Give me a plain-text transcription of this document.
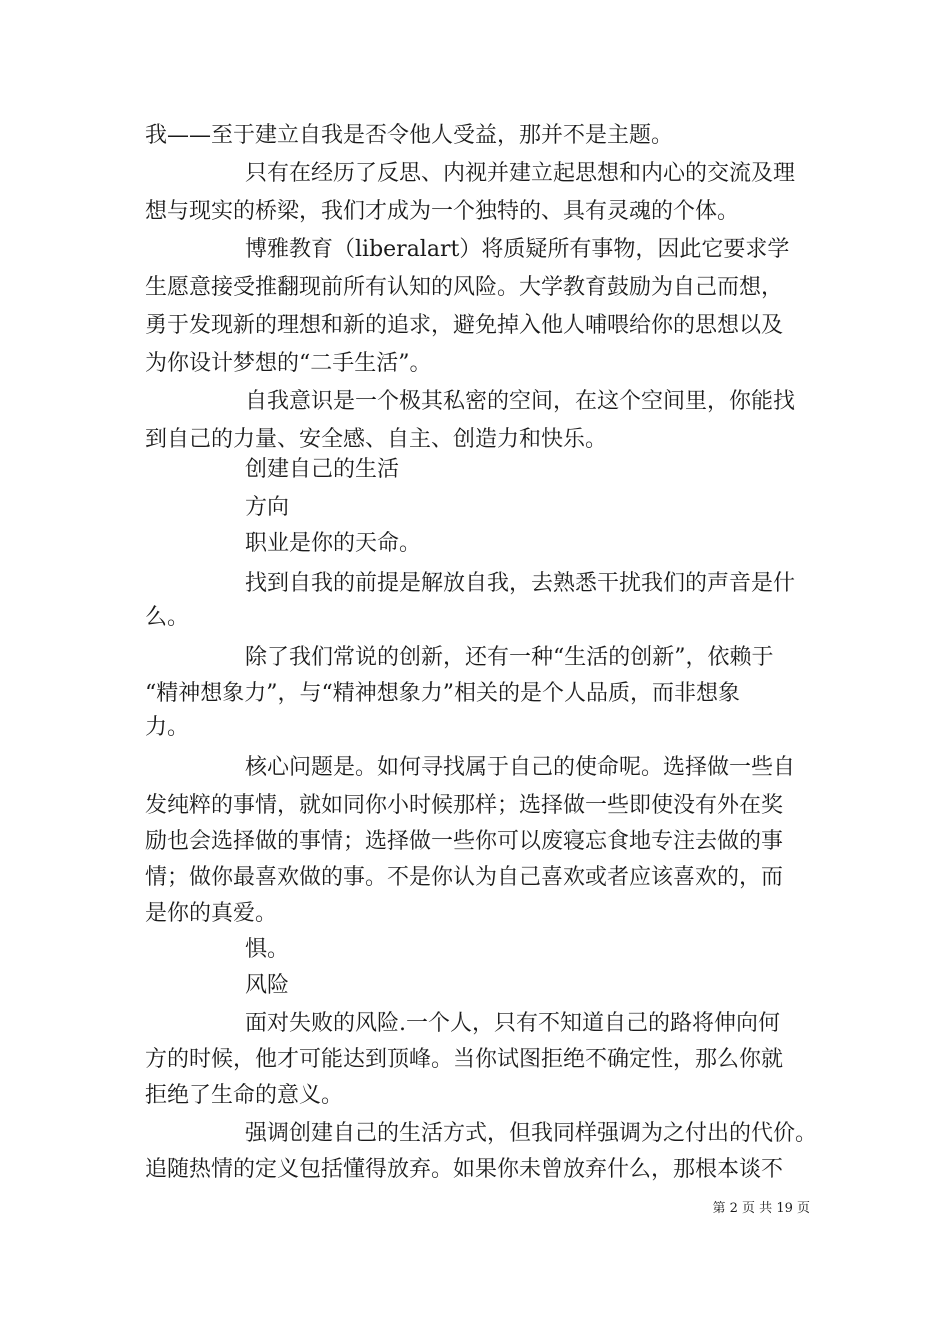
我——至于建立自我是否令他人受益，那并不是主题。
只有在经历了反思、内视并建立起思想和内心的交流及理
想与现实的桥梁，我们才成为一个独特的、具有灵魂的个体。
博雅教育（liberalart）将质疑所有事物，因此它要求学
生愿意接受推翻现前所有认知的风险。大学教育鼓励为自己而想，
勇于发现新的理想和新的追求，避免掉入他人哺喂给你的思想以及
为你设计梦想的“二手生活”。
自我意识是一个极其私密的空间，在这个空间里，你能找
到自己的力量、安全感、自主、创造力和快乐。
创建自己的生活
方向
职业是你的天命。
找到自我的前提是解放自我，去熟悉干扰我们的声音是什
么。
除了我们常说的创新，还有一种“生活的创新”，依赖于
“精神想象力”，与“精神想象力”相关的是个人品质，而非想象
力。
核心问题是。如何寻找属于自己的使命呢。选择做一些自
发纯粹的事情，就如同你小时候那样；选择做一些即使没有外在奖
励也会选择做的事情；选择做一些你可以废寝忘食地专注去做的事
情；做你最喜欢做的事。不是你认为自己喜欢或者应该喜欢的，而
是你的真爱。
惧。
风险
面对失败的风险.一个人，只有不知道自己的路将伸向何
方的时候，他才可能达到顶峰。当你试图拒绝不确定性，那么你就
拒绝了生命的意义。
强调创建自己的生活方式，但我同样强调为之付出的代价。
追随热情的定义包括懂得放弃。如果你未曾放弃什么，那根本谈不
第 2 页 共 19 页
